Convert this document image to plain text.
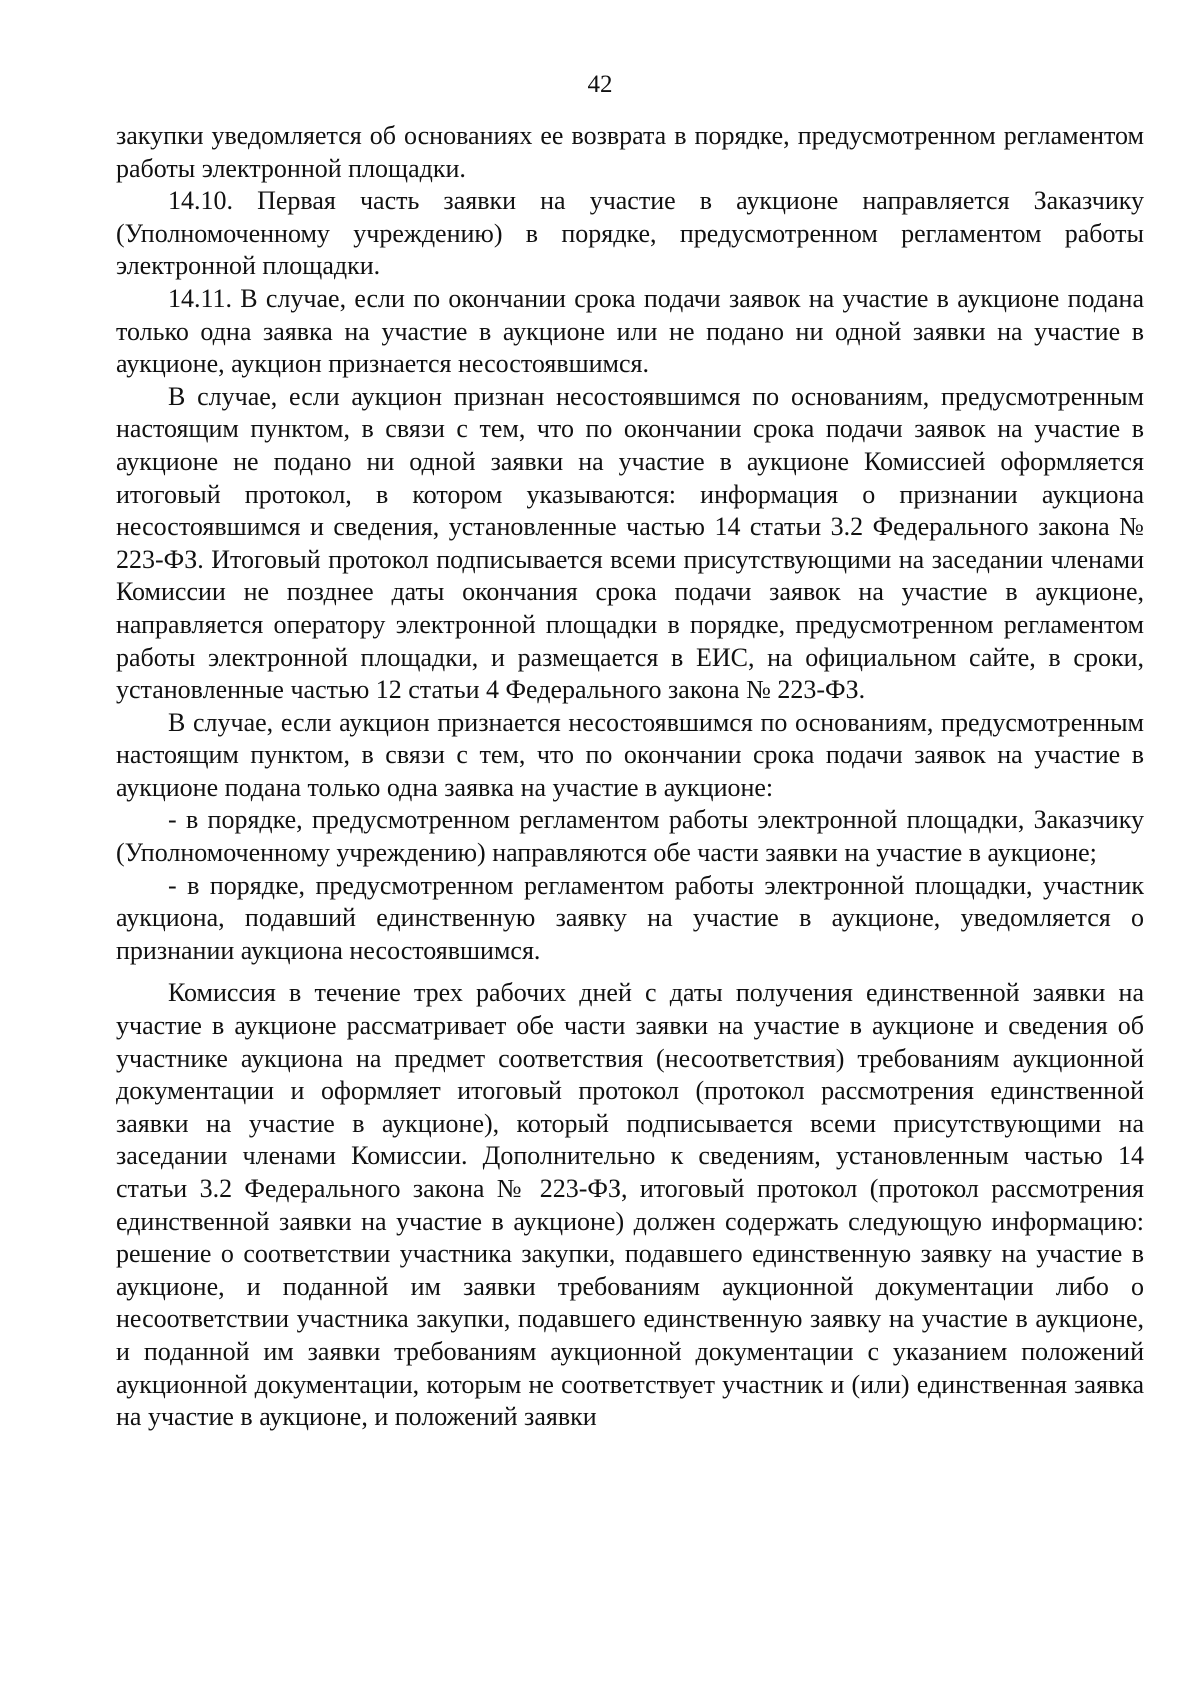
42

закупки уведомляется об основаниях ее возврата в порядке, предусмотренном регламентом работы электронной площадки.

14.10. Первая часть заявки на участие в аукционе направляется Заказчику (Уполномоченному учреждению) в порядке, предусмотренном регламентом работы электронной площадки.

14.11. В случае, если по окончании срока подачи заявок на участие в аукционе подана только одна заявка на участие в аукционе или не подано ни одной заявки на участие в аукционе, аукцион признается несостоявшимся.

В случае, если аукцион признан несостоявшимся по основаниям, предусмотренным настоящим пунктом, в связи с тем, что по окончании срока подачи заявок на участие в аукционе не подано ни одной заявки на участие в аукционе Комиссией оформляется итоговый протокол, в котором указываются: информация о признании аукциона несостоявшимся и сведения, установленные частью 14 статьи 3.2 Федерального закона № 223-ФЗ. Итоговый протокол подписывается всеми присутствующими на заседании членами Комиссии не позднее даты окончания срока подачи заявок на участие в аукционе, направляется оператору электронной площадки в порядке, предусмотренном регламентом работы электронной площадки, и размещается в ЕИС, на официальном сайте, в сроки, установленные частью 12 статьи 4 Федерального закона № 223-ФЗ.

В случае, если аукцион признается несостоявшимся по основаниям, предусмотренным настоящим пунктом, в связи с тем, что по окончании срока подачи заявок на участие в аукционе подана только одна заявка на участие в аукционе:

- в порядке, предусмотренном регламентом работы электронной площадки, Заказчику (Уполномоченному учреждению) направляются обе части заявки на участие в аукционе;

- в порядке, предусмотренном регламентом работы электронной площадки, участник аукциона, подавший единственную заявку на участие в аукционе, уведомляется о признании аукциона несостоявшимся.

Комиссия в течение трех рабочих дней с даты получения единственной заявки на участие в аукционе рассматривает обе части заявки на участие в аукционе и сведения об участнике аукциона на предмет соответствия (несоответствия) требованиям аукционной документации и оформляет итоговый протокол (протокол рассмотрения единственной заявки на участие в аукционе), который подписывается всеми присутствующими на заседании членами Комиссии. Дополнительно к сведениям, установленным частью 14 статьи 3.2 Федерального закона № 223-ФЗ, итоговый протокол (протокол рассмотрения единственной заявки на участие в аукционе) должен содержать следующую информацию: решение о соответствии участника закупки, подавшего единственную заявку на участие в аукционе, и поданной им заявки требованиям аукционной документации либо о несоответствии участника закупки, подавшего единственную заявку на участие в аукционе, и поданной им заявки требованиям аукционной документации с указанием положений аукционной документации, которым не соответствует участник и (или) единственная заявка на участие в аукционе, и положений заявки
